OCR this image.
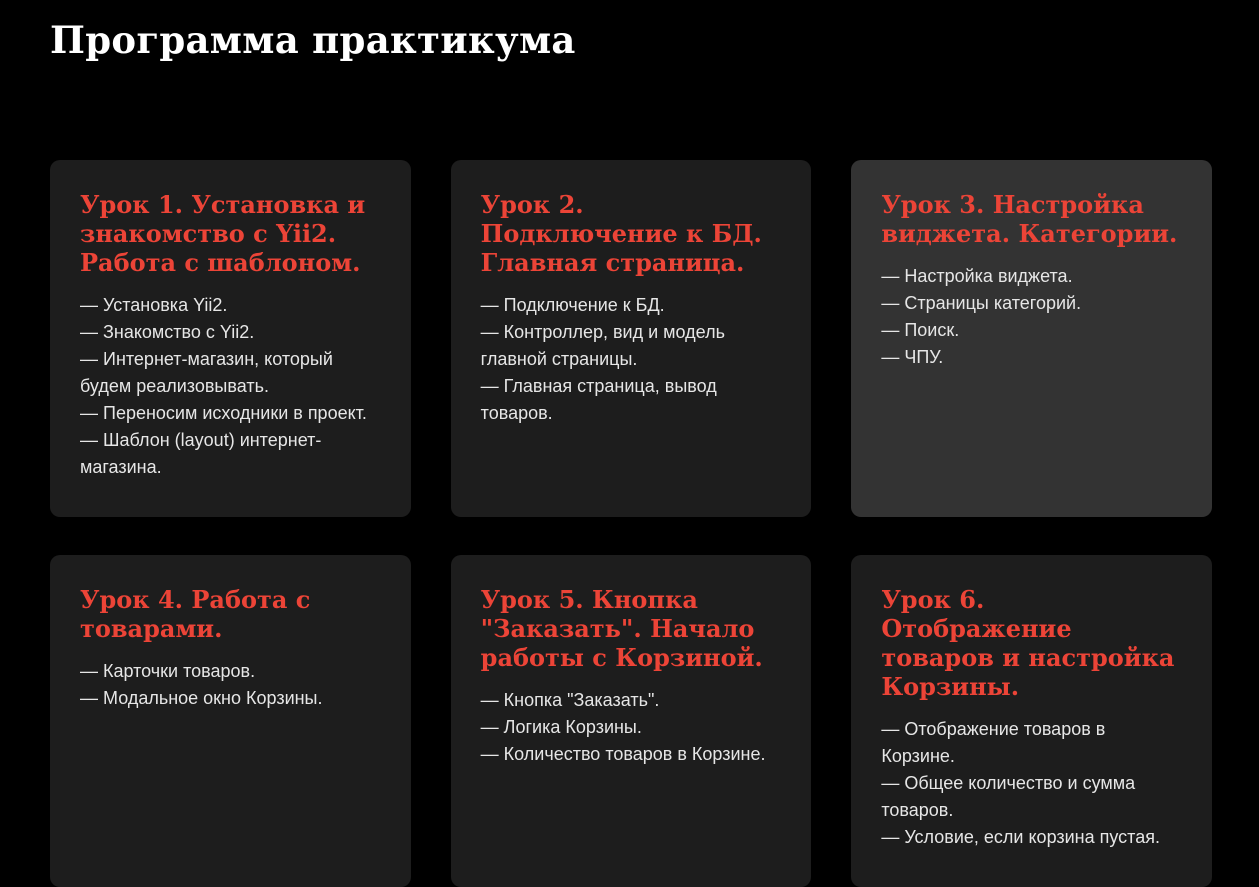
Программа практикума
Урок 1. Установка и знакомство с Yii2. Работа с шаблоном.
— Установка Yii2.
— Знакомство с Yii2.
— Интернет-магазин, который будем реализовывать.
— Переносим исходники в проект.
— Шаблон (layout) интернет-магазина.
Урок 2. Подключение к БД. Главная страница.
— Подключение к БД.
— Контроллер, вид и модель главной страницы.
— Главная страница, вывод товаров.
Урок 3. Настройка виджета. Категории.
— Настройка виджета.
— Страницы категорий.
— Поиск.
— ЧПУ.
Урок 4. Работа с товарами.
— Карточки товаров.
— Модальное окно Корзины.
Урок 5. Кнопка "Заказать". Начало работы с Корзиной.
— Кнопка "Заказать".
— Логика Корзины.
— Количество товаров в Корзине.
Урок 6. Отображение товаров и настройка Корзины.
— Отображение товаров в Корзине.
— Общее количество и сумма товаров.
— Условие, если корзина пустая.
